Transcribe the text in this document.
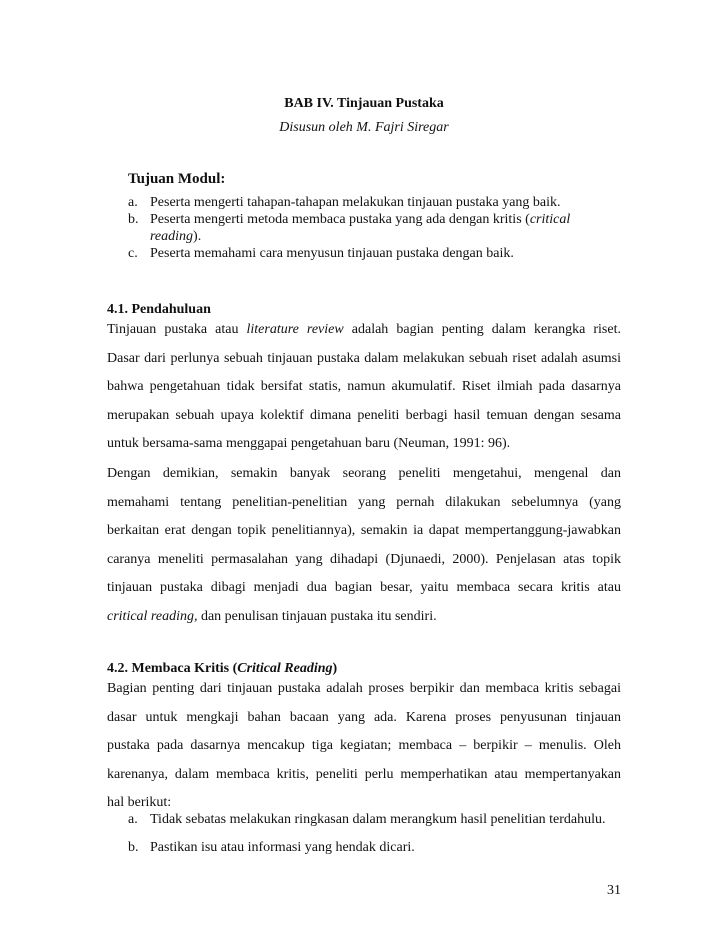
BAB IV. Tinjauan Pustaka
Disusun oleh M. Fajri Siregar
Tujuan Modul:
a. Peserta mengerti tahapan-tahapan melakukan tinjauan pustaka yang baik.
b. Peserta mengerti metoda membaca pustaka yang ada dengan kritis (critical reading).
c. Peserta memahami cara menyusun tinjauan pustaka dengan baik.
4.1. Pendahuluan
Tinjauan pustaka atau literature review adalah bagian penting dalam kerangka riset.
Dasar dari perlunya sebuah tinjauan pustaka dalam melakukan sebuah riset adalah asumsi
bahwa pengetahuan tidak bersifat statis, namun akumulatif. Riset ilmiah pada dasarnya
merupakan sebuah upaya kolektif dimana peneliti berbagi hasil temuan dengan sesama
untuk bersama-sama menggapai pengetahuan baru (Neuman, 1991: 96).
Dengan demikian, semakin banyak seorang peneliti mengetahui, mengenal dan
memahami tentang penelitian-penelitian yang pernah dilakukan sebelumnya (yang
berkaitan erat dengan topik penelitiannya), semakin ia dapat mempertanggung-jawabkan
caranya meneliti permasalahan yang dihadapi (Djunaedi, 2000). Penjelasan atas topik
tinjauan pustaka dibagi menjadi dua bagian besar, yaitu membaca secara kritis atau
critical reading, dan penulisan tinjauan pustaka itu sendiri.
4.2. Membaca Kritis (Critical Reading)
Bagian penting dari tinjauan pustaka adalah proses berpikir dan membaca kritis sebagai
dasar untuk mengkaji bahan bacaan yang ada. Karena proses penyusunan tinjauan
pustaka pada dasarnya mencakup tiga kegiatan; membaca – berpikir – menulis. Oleh
karenanya, dalam membaca kritis, peneliti perlu memperhatikan atau mempertanyakan
hal berikut:
a. Tidak sebatas melakukan ringkasan dalam merangkum hasil penelitian terdahulu.
b. Pastikan isu atau informasi yang hendak dicari.
31
